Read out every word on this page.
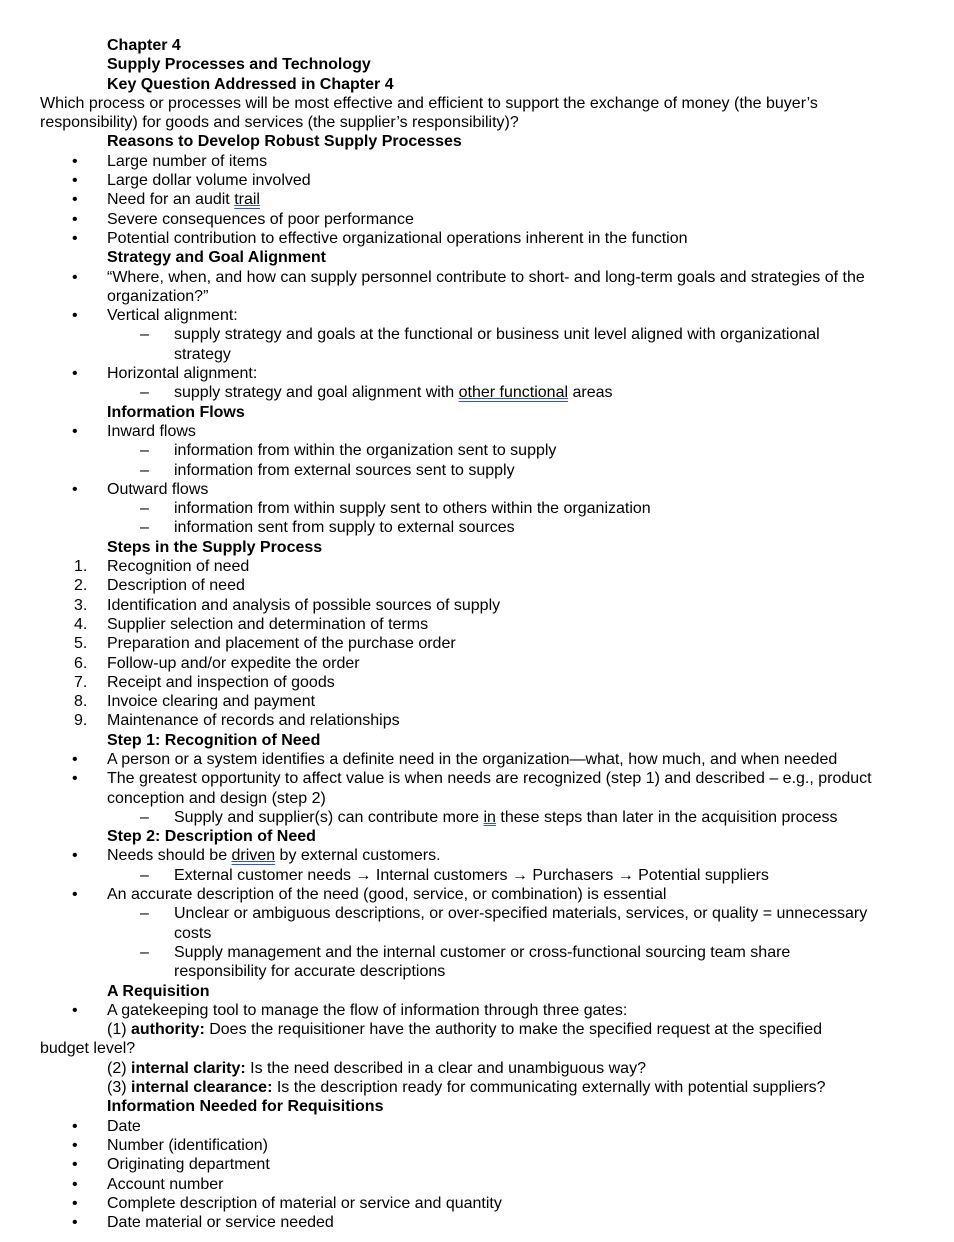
Chapter 4
Supply Processes and Technology
Key Question Addressed in Chapter 4
Which process or processes will be most effective and efficient to support the exchange of money (the buyer’s
responsibility) for goods and services (the supplier’s responsibility)?
Reasons to Develop Robust Supply Processes
• Large number of items
• Large dollar volume involved
• Need for an audit trail
• Severe consequences of poor performance
• Potential contribution to effective organizational operations inherent in the function
Strategy and Goal Alignment
• “Where, when, and how can supply personnel contribute to short- and long-term goals and strategies of the
organization?”
• Vertical alignment:
– supply strategy and goals at the functional or business unit level aligned with organizational
strategy
• Horizontal alignment:
– supply strategy and goal alignment with other functional areas
Information Flows
• Inward flows
– information from within the organization sent to supply
– information from external sources sent to supply
• Outward flows
– information from within supply sent to others within the organization
– information sent from supply to external sources
Steps in the Supply Process
1. Recognition of need
2. Description of need
3. Identification and analysis of possible sources of supply
4. Supplier selection and determination of terms
5. Preparation and placement of the purchase order
6. Follow-up and/or expedite the order
7. Receipt and inspection of goods
8. Invoice clearing and payment
9. Maintenance of records and relationships
Step 1: Recognition of Need
• A person or a system identifies a definite need in the organization—what, how much, and when needed
• The greatest opportunity to affect value is when needs are recognized (step 1) and described – e.g., product
conception and design (step 2)
– Supply and supplier(s) can contribute more in these steps than later in the acquisition process
Step 2: Description of Need
• Needs should be driven by external customers.
– External customer needs → Internal customers → Purchasers → Potential suppliers
• An accurate description of the need (good, service, or combination) is essential
– Unclear or ambiguous descriptions, or over-specified materials, services, or quality = unnecessary
costs
– Supply management and the internal customer or cross-functional sourcing team share
responsibility for accurate descriptions
A Requisition
• A gatekeeping tool to manage the flow of information through three gates:
(1) authority: Does the requisitioner have the authority to make the specified request at the specified
budget level?
(2) internal clarity: Is the need described in a clear and unambiguous way?
(3) internal clearance: Is the description ready for communicating externally with potential suppliers?
Information Needed for Requisitions
• Date
• Number (identification)
• Originating department
• Account number
• Complete description of material or service and quantity
• Date material or service needed
